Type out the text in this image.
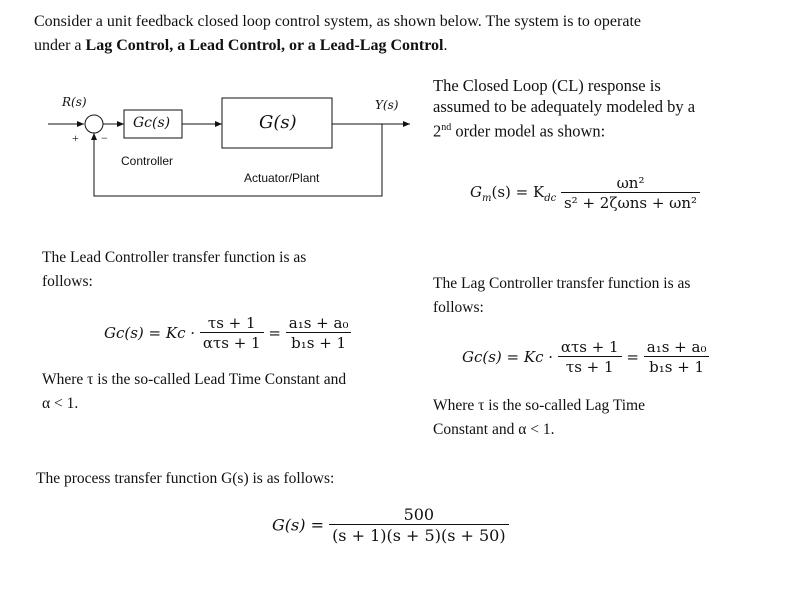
Consider a unit feedback closed loop control system, as shown below. The system is to operate
under a Lag Control, a Lead Control, or a Lead-Lag Control.
R(s)	Y(s)
+ −
Gc(s)
Controller
G(s)
Actuator/Plant
The Closed Loop (CL) response is
assumed to be adequately modeled by a
2nd order model as shown:
$G_m(s) = K_{dc} \frac{\text{ωn²}}{\text{s² + 2ζωns + ωn²}}$
The Lead Controller transfer function is as
follows:
$Gc(s) = Kc \cdot \frac{\tau s + 1}{\text{ατs + 1}} = \frac{\text{a₁s + a₀}}{\text{b₁s + 1}}$
Where τ is the so-called Lead Time Constant and
α < 1.
The Lag Controller transfer function is as
follows:
$Gc(s) = Kc \cdot \frac{\text{ατs + 1}}{\tau s + 1} = \frac{\text{a₁s + a₀}}{\text{b₁s + 1}}$
Where τ is the so-called Lag Time
Constant and α < 1.
The process transfer function G(s) is as follows:
$G(s) = \frac{500}{(s + 1)(s + 5)(s + 50)}$
